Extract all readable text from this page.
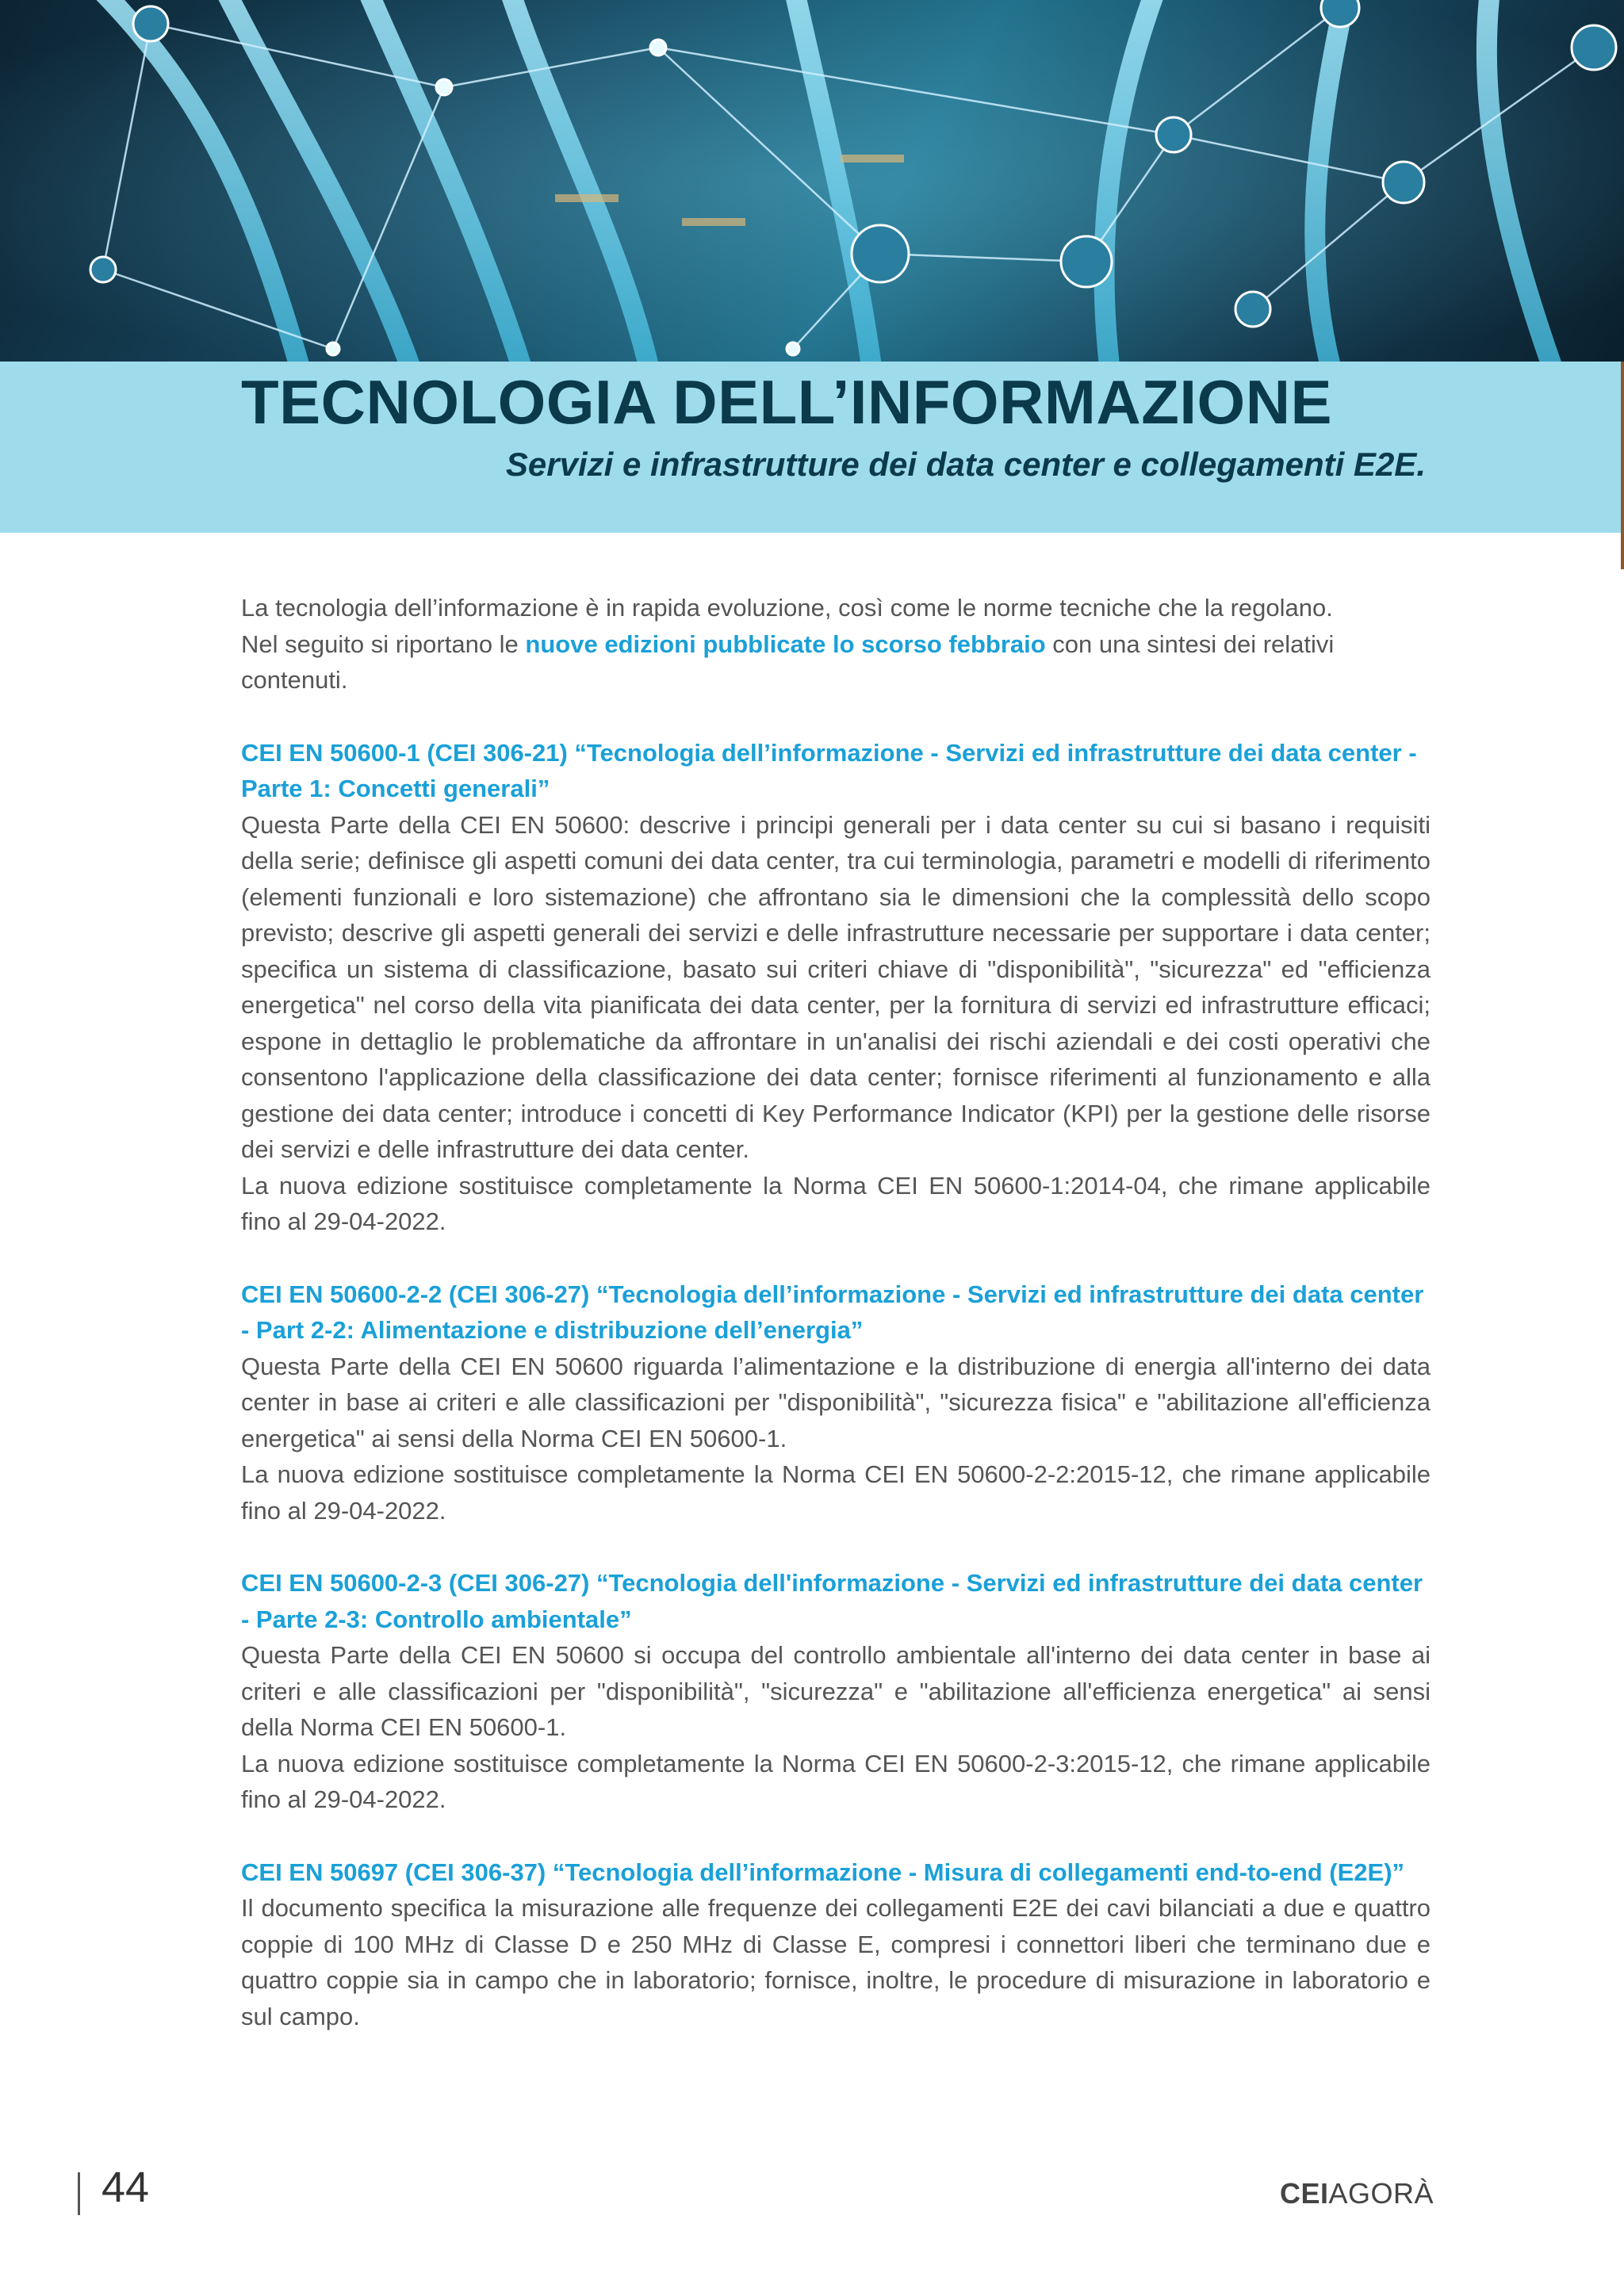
TECNOLOGIA DELL’INFORMAZIONE

Servizi e infrastrutture dei data center e collegamenti E2E.

La tecnologia dell’informazione è in rapida evoluzione, così come le norme tecniche che la regolano.

Nel seguito si riportano le nuove edizioni pubblicate lo scorso febbraio con una sintesi dei relativi contenuti.

CEI EN 50600-1 (CEI 306-21) “Tecnologia dell’informazione - Servizi ed infrastrutture dei data center - Parte 1: Concetti generali”

Questa Parte della CEI EN 50600: descrive i principi generali per i data center su cui si basano i requisiti della serie; definisce gli aspetti comuni dei data center, tra cui terminologia, parametri e modelli di riferimento (elementi funzionali e loro sistemazione) che affrontano sia le dimensioni che la complessità dello scopo previsto; descrive gli aspetti generali dei servizi e delle infrastrutture necessarie per supportare i data center; specifica un sistema di classificazione, basato sui criteri chiave di "disponibilità", "sicurezza" ed "efficienza energetica" nel corso della vita pianificata dei data center, per la fornitura di servizi ed infrastrutture efficaci; espone in dettaglio le problematiche da affrontare in un'analisi dei rischi aziendali e dei costi operativi che consentono l'applicazione della classificazione dei data center; fornisce riferimenti al funzionamento e alla gestione dei data center; introduce i concetti di Key Performance Indicator (KPI) per la gestione delle risorse dei servizi e delle infrastrutture dei data center.

La nuova edizione sostituisce completamente la Norma CEI EN 50600-1:2014-04, che rimane applicabile fino al 29-04-2022.

CEI EN 50600-2-2 (CEI 306-27) “Tecnologia dell’informazione - Servizi ed infrastrutture dei data center - Part 2-2: Alimentazione e distribuzione dell’energia”

Questa Parte della CEI EN 50600 riguarda l’alimentazione e la distribuzione di energia all'interno dei data center in base ai criteri e alle classificazioni per "disponibilità", "sicurezza fisica" e "abilitazione all'efficienza energetica" ai sensi della Norma CEI EN 50600-1.

La nuova edizione sostituisce completamente la Norma CEI EN 50600-2-2:2015-12, che rimane applicabile fino al 29-04-2022.

CEI EN 50600-2-3 (CEI 306-27) “Tecnologia dell'informazione - Servizi ed infrastrutture dei data center - Parte 2-3: Controllo ambientale”

Questa Parte della CEI EN 50600 si occupa del controllo ambientale all'interno dei data center in base ai criteri e alle classificazioni per "disponibilità", "sicurezza" e "abilitazione all'efficienza energetica" ai sensi della Norma CEI EN 50600-1.

La nuova edizione sostituisce completamente la Norma CEI EN 50600-2-3:2015-12, che rimane applicabile fino al 29-04-2022.

CEI EN 50697 (CEI 306-37) “Tecnologia dell’informazione - Misura di collegamenti end-to-end (E2E)”

Il documento specifica la misurazione alle frequenze dei collegamenti E2E dei cavi bilanciati a due e quattro coppie di 100 MHz di Classe D e 250 MHz di Classe E, compresi i connettori liberi che terminano due e quattro coppie sia in campo che in laboratorio; fornisce, inoltre, le procedure di misurazione in laboratorio e sul campo.

44	CEIAGORÀ
